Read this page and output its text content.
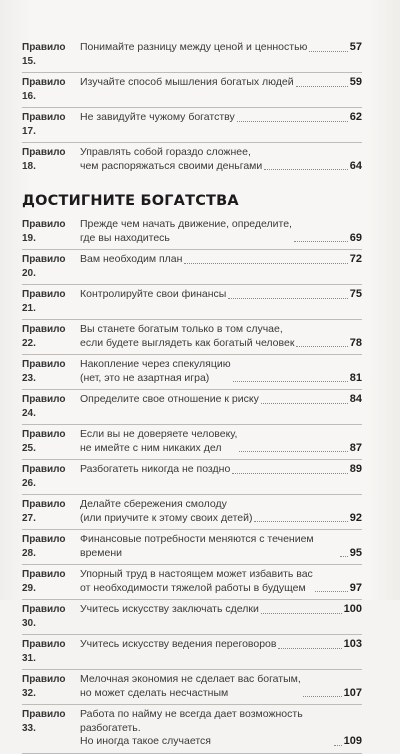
Правило 15.
Понимайте разницу между ценой и ценностью	57
Правило 16.
Изучайте способ мышления богатых людей	59
Правило 17.
Не завидуйте чужому богатству	62
Правило 18.
Управлять собой гораздо сложнее,
чем распоряжаться своими деньгами	64
ДОСТИГНИТЕ БОГАТСТВА
Правило 19.
Прежде чем начать движение, определите,
где вы находитесь	69
Правило 20.
Вам необходим план	72
Правило 21.
Контролируйте свои финансы	75
Правило 22.
Вы станете богатым только в том случае,
если будете выглядеть как богатый человек	78
Правило 23.
Накопление через спекуляцию
(нет, это не азартная игра)	81
Правило 24.
Определите свое отношение к риску	84
Правило 25.
Если вы не доверяете человеку,
не имейте с ним никаких дел	87
Правило 26.
Разбогатеть никогда не поздно	89
Правило 27.
Делайте сбережения смолоду
(или приучите к этому своих детей)	92
Правило 28.
Финансовые потребности меняются с течением времени	95
Правило 29.
Упорный труд в настоящем может избавить вас
от необходимости тяжелой работы в будущем	97
Правило 30.
Учитесь искусству заключать сделки	100
Правило 31.
Учитесь искусству ведения переговоров	103
Правило 32.
Мелочная экономия не сделает вас богатым,
но может сделать несчастным	107
Правило 33.
Работа по найму не всегда дает возможность разбогатеть.
Но иногда такое случается	109
